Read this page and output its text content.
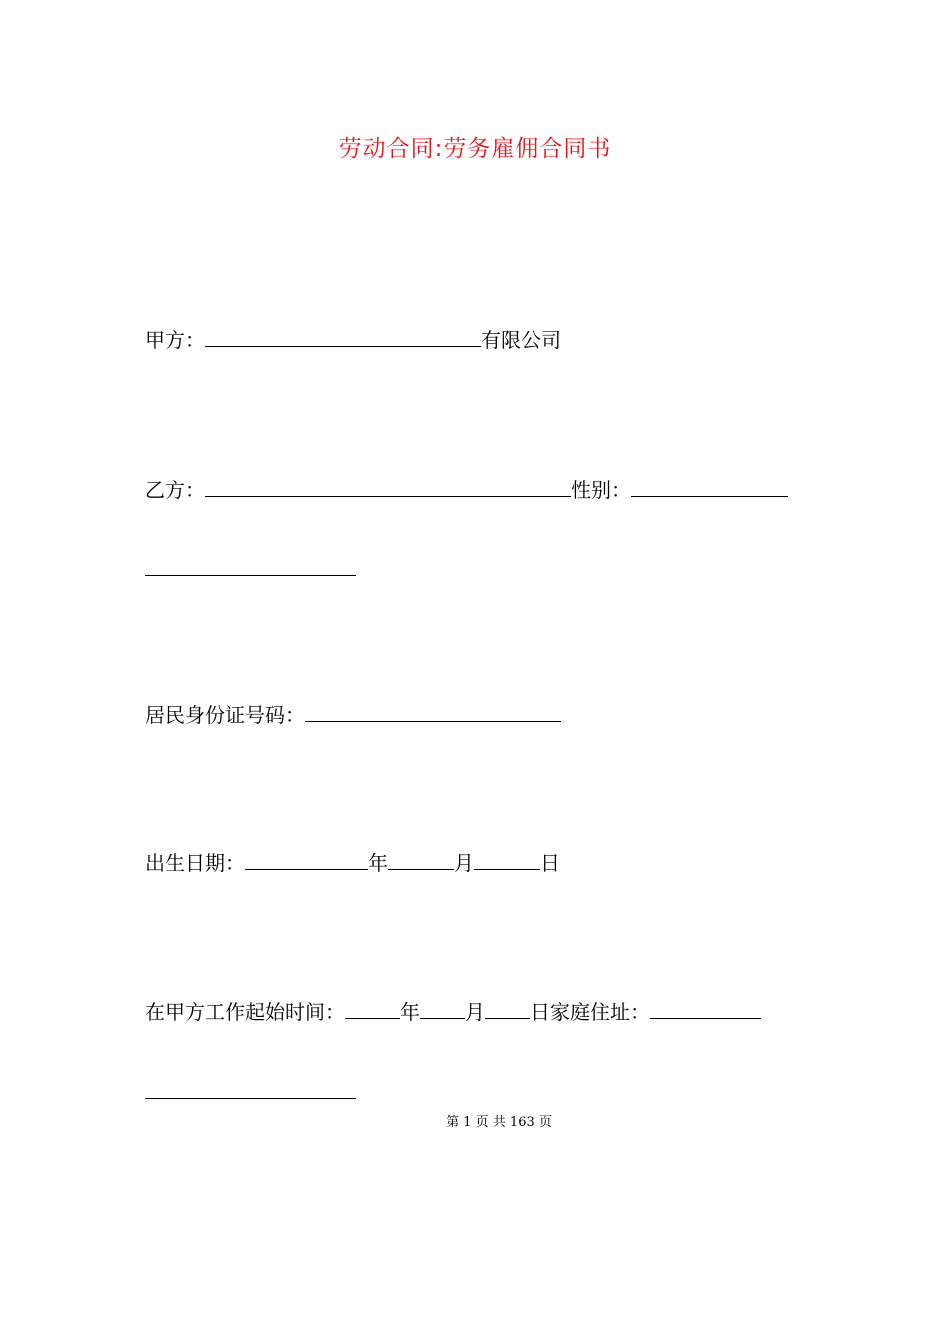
劳动合同:劳务雇佣合同书
甲方：	有限公司
乙方：	性别：
居民身份证号码：
出生日期：	年	月	日
在甲方工作起始时间：	年 月 日家庭住址：
第 1 页 共 163 页
